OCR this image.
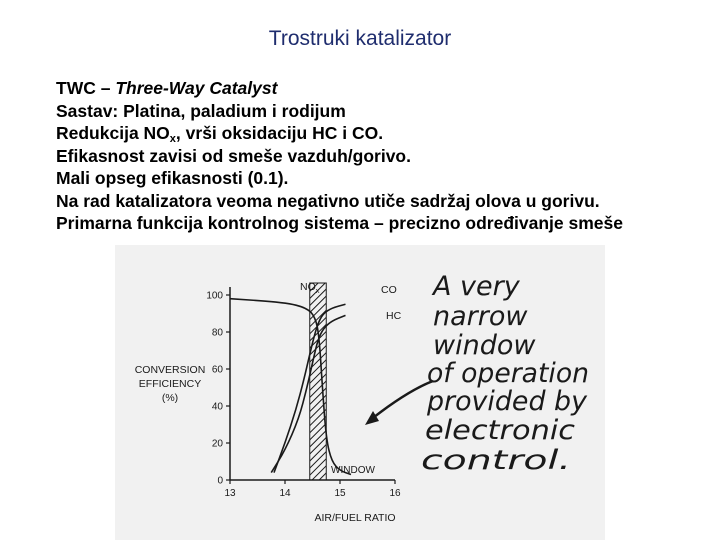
Trostruki katalizator
TWC – Three-Way Catalyst
Sastav: Platina, paladium i rodijum
Redukcija $NO_x$, vrši oksidaciju HC i CO.
Efikasnost zavisi od smeše vazduh/gorivo.
Mali opseg efikasnosti (0.1).
Na rad katalizatora veoma negativno utiče sadržaj olova u gorivu.
Primarna funkcija kontrolnog sistema – precizno određivanje smeše
0
20
40
60
80
100
13	14	15	16
CONVERSION
EFFICIENCY
(%)
AIR/FUEL RATIO
$NO_x$	CO
HC
WINDOW
A very
narrow
window
of operation
provided by
electronic
control.
